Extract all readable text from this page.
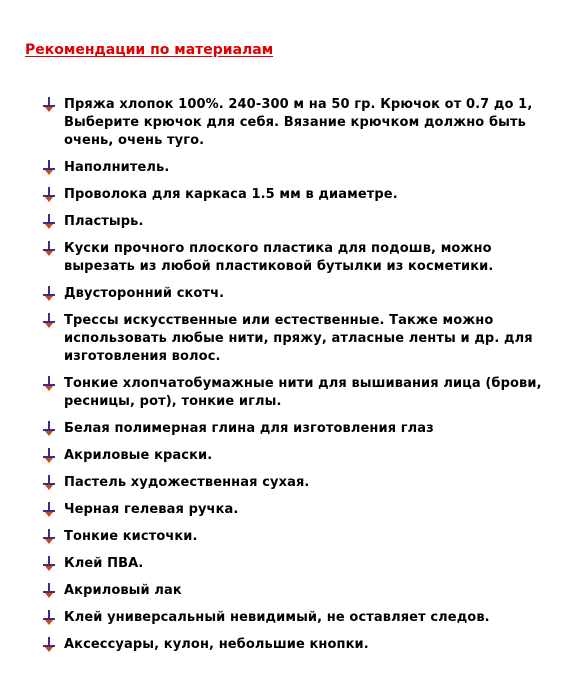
Рекомендации по материалам
Пряжа хлопок 100%. 240-300 м на 50 гр. Крючок от 0.7 до 1, Выберите крючок для себя. Вязание крючком должно быть очень, очень туго.
Наполнитель.
Проволока для каркаса 1.5 мм в диаметре.
Пластырь.
Куски прочного плоского пластика для подошв, можно вырезать из любой пластиковой бутылки из косметики.
Двусторонний скотч.
Трессы искусственные или естественные. Также можно использовать любые нити, пряжу, атласные ленты и др. для изготовления волос.
Тонкие хлопчатобумажные нити для вышивания лица (брови, ресницы, рот), тонкие иглы.
Белая полимерная глина для изготовления глаз
Акриловые краски.
Пастель художественная сухая.
Черная гелевая ручка.
Тонкие кисточки.
Клей ПВА.
Акриловый лак
Клей универсальный невидимый, не оставляет следов.
Аксессуары, кулон, небольшие кнопки.
